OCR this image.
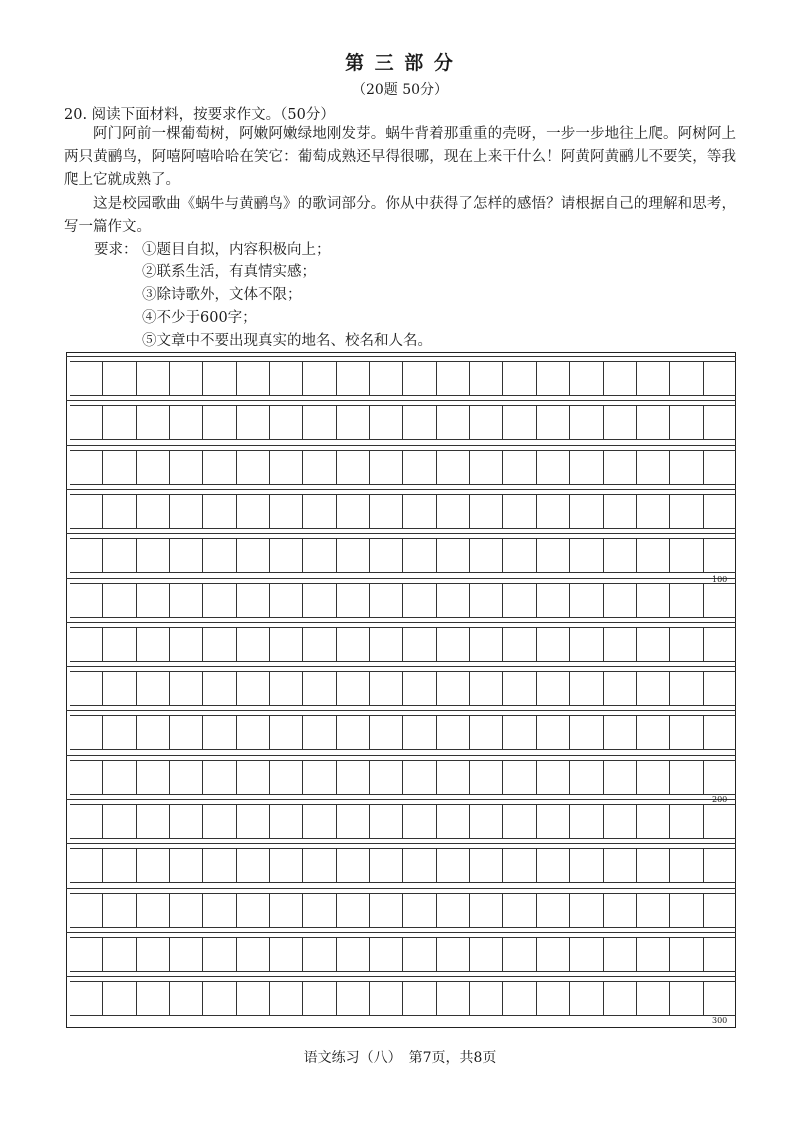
第 三 部 分
（20题 50分）
20. 阅读下面材料，按要求作文。（50分）
阿门阿前一棵葡萄树，阿嫩阿嫩绿地刚发芽。蜗牛背着那重重的壳呀，一步一步地往上爬。阿树阿上两只黄鹂鸟，阿嘻阿嘻哈哈在笑它：葡萄成熟还早得很哪，现在上来干什么！阿黄阿黄鹂儿不要笑，等我爬上它就成熟了。
这是校园歌曲《蜗牛与黄鹂鸟》的歌词部分。你从中获得了怎样的感悟？请根据自己的理解和思考，写一篇作文。
要求： ①题目自拟，内容积极向上；
②联系生活，有真情实感；
③除诗歌外，文体不限；
④不少于600字；
⑤文章中不要出现真实的地名、校名和人名。
100
200
300
语文练习（八）　第7页，共8页
